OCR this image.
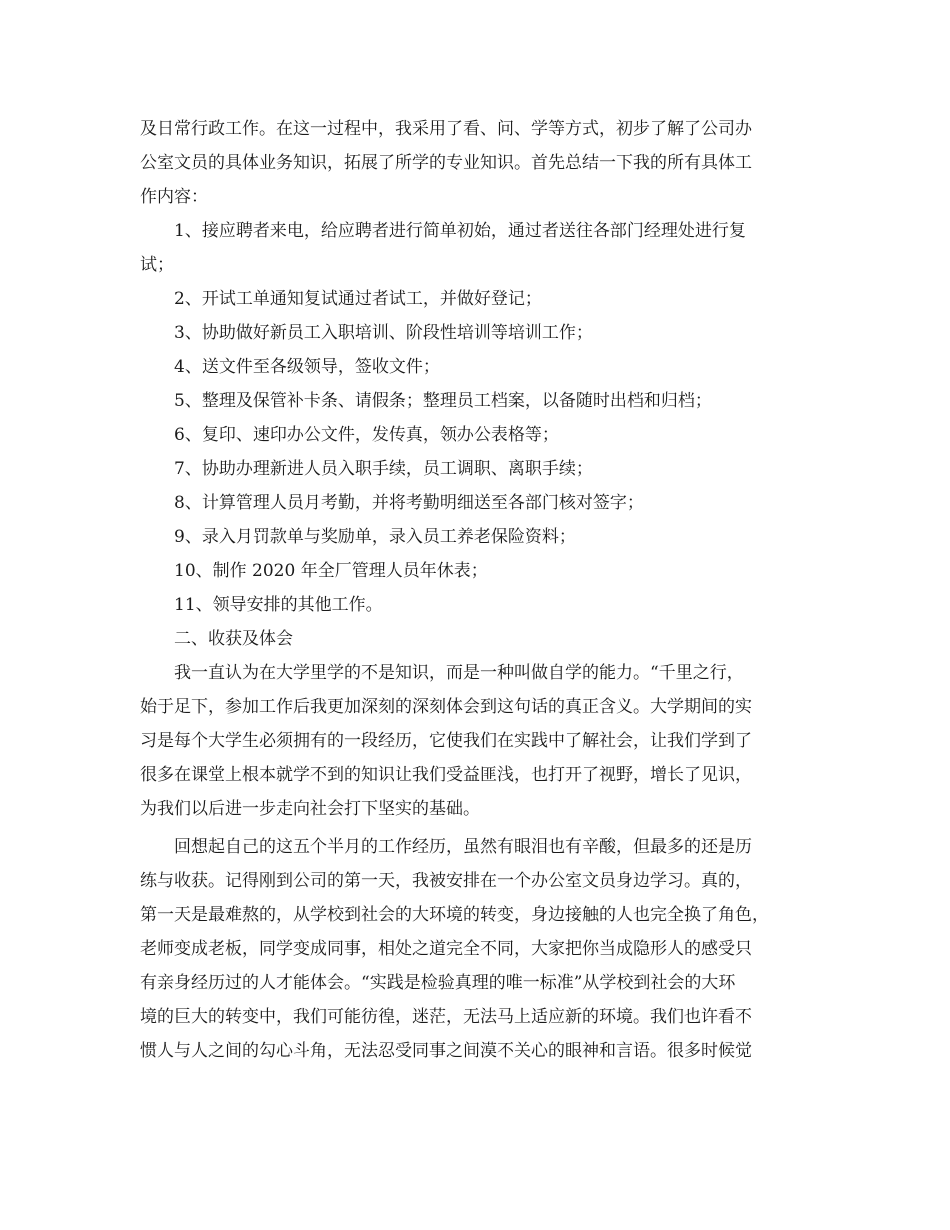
及日常行政工作。在这一过程中，我采用了看、问、学等方式，初步了解了公司办
公室文员的具体业务知识，拓展了所学的专业知识。首先总结一下我的所有具体工
作内容：
1、接应聘者来电，给应聘者进行简单初始，通过者送往各部门经理处进行复
试；
2、开试工单通知复试通过者试工，并做好登记；
3、协助做好新员工入职培训、阶段性培训等培训工作；
4、送文件至各级领导，签收文件；
5、整理及保管补卡条、请假条；整理员工档案，以备随时出档和归档；
6、复印、速印办公文件，发传真，领办公表格等；
7、协助办理新进人员入职手续，员工调职、离职手续；
8、计算管理人员月考勤，并将考勤明细送至各部门核对签字；
9、录入月罚款单与奖励单，录入员工养老保险资料；
10、制作 2020 年全厂管理人员年休表；
11、领导安排的其他工作。
二、收获及体会
我一直认为在大学里学的不是知识，而是一种叫做自学的能力。“千里之行，
始于足下，参加工作后我更加深刻的深刻体会到这句话的真正含义。大学期间的实
习是每个大学生必须拥有的一段经历，它使我们在实践中了解社会，让我们学到了
很多在课堂上根本就学不到的知识让我们受益匪浅，也打开了视野，增长了见识，
为我们以后进一步走向社会打下坚实的基础。
回想起自己的这五个半月的工作经历，虽然有眼泪也有辛酸，但最多的还是历
练与收获。记得刚到公司的第一天，我被安排在一个办公室文员身边学习。真的，
第一天是最难熬的，从学校到社会的大环境的转变，身边接触的人也完全换了角色，
老师变成老板，同学变成同事，相处之道完全不同，大家把你当成隐形人的感受只
有亲身经历过的人才能体会。“实践是检验真理的唯一标准”从学校到社会的大环
境的巨大的转变中，我们可能彷徨，迷茫，无法马上适应新的环境。我们也许看不
惯人与人之间的勾心斗角，无法忍受同事之间漠不关心的眼神和言语。很多时候觉
